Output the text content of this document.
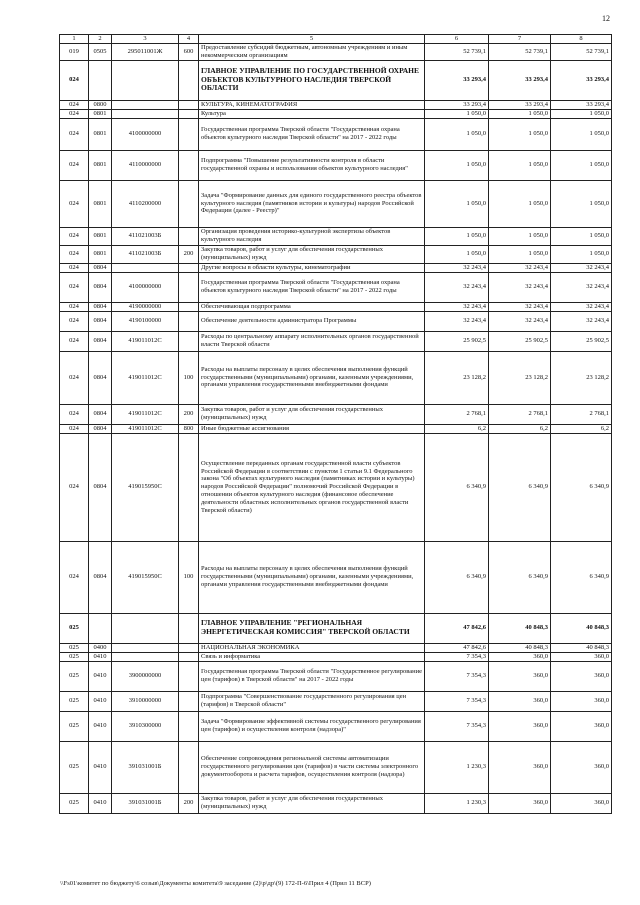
12
1	2	3	4	5	6	7	8
019	0505	295011001Ж	600	Предоставление субсидий бюджетным, автономным учреждениям и иным некоммерческим организациям	52 739,1	52 739,1	52 739,1
024				ГЛАВНОЕ УПРАВЛЕНИЕ ПО ГОСУДАРСТВЕННОЙ ОХРАНЕ ОБЪЕКТОВ КУЛЬТУРНОГО НАСЛЕДИЯ ТВЕРСКОЙ ОБЛАСТИ	33 293,4	33 293,4	33 293,4
024	0800			КУЛЬТУРА, КИНЕМАТОГРАФИЯ	33 293,4	33 293,4	33 293,4
024	0801			Культура	1 050,0	1 050,0	1 050,0
024	0801	4100000000		Государственная программа Тверской области "Государственная охрана объектов культурного наследия Тверской области" на 2017 - 2022 годы	1 050,0	1 050,0	1 050,0
024	0801	4110000000		Подпрограмма "Повышение результативности контроля в области государственной охраны и использования объектов культурного наследия"	1 050,0	1 050,0	1 050,0
024	0801	4110200000		Задача "Формирование данных для единого государственного реестра объектов культурного наследия (памятников истории и культуры) народов Российской Федерации (далее - Реестр)"	1 050,0	1 050,0	1 050,0
024	0801	411021003Б		Организация проведения историко-культурной экспертизы объектов культурного наследия	1 050,0	1 050,0	1 050,0
024	0801	411021003Б	200	Закупка товаров, работ и услуг для обеспечения государственных (муниципальных) нужд	1 050,0	1 050,0	1 050,0
024	0804			Другие вопросы в области культуры, кинематографии	32 243,4	32 243,4	32 243,4
024	0804	4100000000		Государственная программа Тверской области "Государственная охрана объектов культурного наследия Тверской области" на 2017 - 2022 годы	32 243,4	32 243,4	32 243,4
024	0804	4190000000		Обеспечивающая подпрограмма	32 243,4	32 243,4	32 243,4
024	0804	4190100000		Обеспечение деятельности администратора Программы	32 243,4	32 243,4	32 243,4
024	0804	419011012С		Расходы по центральному аппарату исполнительных органов государственной власти Тверской области	25 902,5	25 902,5	25 902,5
024	0804	419011012С	100	Расходы на выплаты персоналу в целях обеспечения выполнения функций государственными (муниципальными) органами, казенными учреждениями, органами управления государственными внебюджетными фондами	23 128,2	23 128,2	23 128,2
024	0804	419011012С	200	Закупка товаров, работ и услуг для обеспечения государственных (муниципальных) нужд	2 768,1	2 768,1	2 768,1
024	0804	419011012С	800	Иные бюджетные ассигнования	6,2	6,2	6,2
024	0804	419015950С		Осуществление переданных органам государственной власти субъектов Российской Федерации в соответствии с пунктом 1 статьи 9.1 Федерального закона "Об объектах культурного наследия (памятниках истории и культуры) народов Российской Федерации" полномочий Российской Федерации в отношении объектов культурного наследия (финансовое обеспечение деятельности областных исполнительных органов государственной власти Тверской области)	6 340,9	6 340,9	6 340,9
024	0804	419015950С	100	Расходы на выплаты персоналу в целях обеспечения выполнения функций государственными (муниципальными) органами, казенными учреждениями, органами управления государственными внебюджетными фондами	6 340,9	6 340,9	6 340,9
025				ГЛАВНОЕ УПРАВЛЕНИЕ "РЕГИОНАЛЬНАЯ ЭНЕРГЕТИЧЕСКАЯ КОМИССИЯ" ТВЕРСКОЙ ОБЛАСТИ	47 842,6	40 848,3	40 848,3
025	0400			НАЦИОНАЛЬНАЯ ЭКОНОМИКА	47 842,6	40 848,3	40 848,3
025	0410			Связь и информатика	7 354,3	360,0	360,0
025	0410	3900000000		Государственная программа Тверской области "Государственное регулирование цен (тарифов) в Тверской области" на 2017 - 2022 годы	7 354,3	360,0	360,0
025	0410	3910000000		Подпрограмма "Совершенствование государственного регулирования цен (тарифов) в Тверской области"	7 354,3	360,0	360,0
025	0410	3910300000		Задача "Формирование эффективной системы государственного регулирования цен (тарифов) и осуществления контроля (надзора)"	7 354,3	360,0	360,0
025	0410	391031001Б		Обеспечение сопровождения региональной системы автоматизации государственного регулирования цен (тарифов) в части системы электронного документооборота и расчета тарифов, осуществления контроля (надзора)	1 230,3	360,0	360,0
025	0410	391031001Б	200	Закупка товаров, работ и услуг для обеспечения государственных (муниципальных) нужд	1 230,3	360,0	360,0
\\Fs01\комитет по бюджету\6 созыв\Документы комитета\9 заседание (2)\р\др\(9) 172-П-6\Прил 4 (Прил 11 ВСР)
